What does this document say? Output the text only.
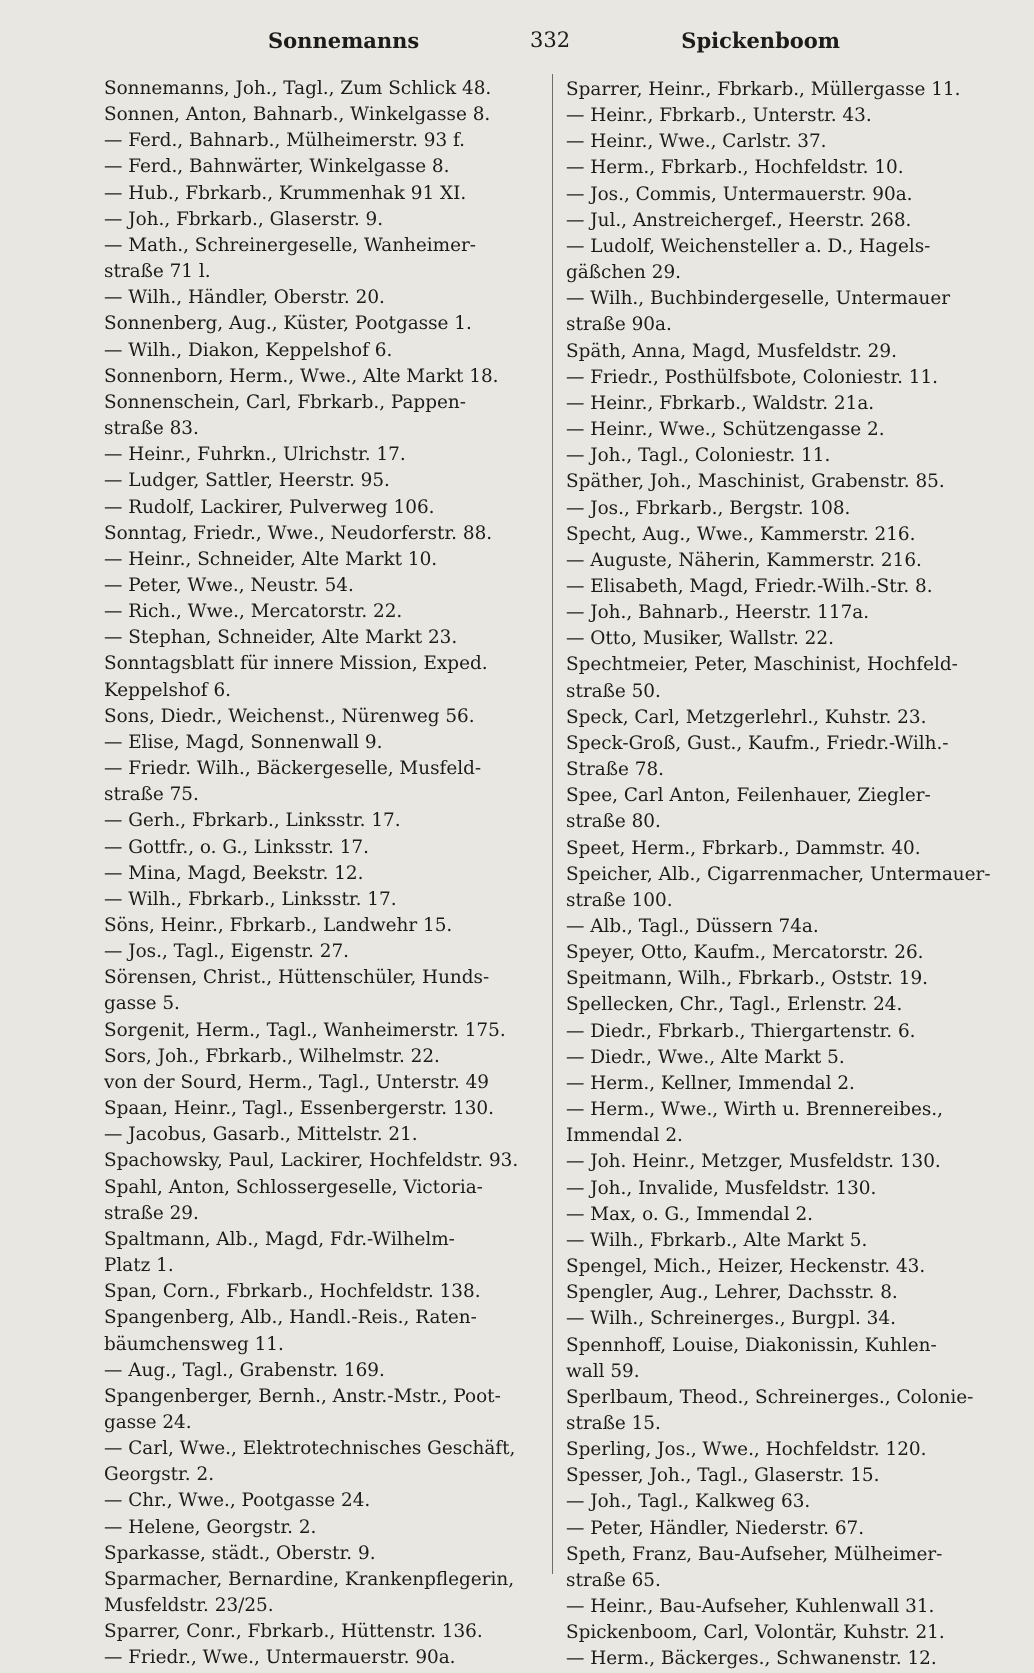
Sonnemanns	332	Spickenboom
Sonnemanns, Joh., Tagl., Zum Schlick 48.
Sonnen, Anton, Bahnarb., Winkelgasse 8.
— Ferd., Bahnarb., Mülheimerstr. 93 f.
— Ferd., Bahnwärter, Winkelgasse 8.
— Hub., Fbrkarb., Krummenhak 91 XI.
— Joh., Fbrkarb., Glaserstr. 9.
— Math., Schreinergeselle, Wanheimer-
straße 71 l.
— Wilh., Händler, Oberstr. 20.
Sonnenberg, Aug., Küster, Pootgasse 1.
— Wilh., Diakon, Keppelshof 6.
Sonnenborn, Herm., Wwe., Alte Markt 18.
Sonnenschein, Carl, Fbrkarb., Pappen-
straße 83.
— Heinr., Fuhrkn., Ulrichstr. 17.
— Ludger, Sattler, Heerstr. 95.
— Rudolf, Lackirer, Pulverweg 106.
Sonntag, Friedr., Wwe., Neudorferstr. 88.
— Heinr., Schneider, Alte Markt 10.
— Peter, Wwe., Neustr. 54.
— Rich., Wwe., Mercatorstr. 22.
— Stephan, Schneider, Alte Markt 23.
Sonntagsblatt für innere Mission, Exped.
Keppelshof 6.
Sons, Diedr., Weichenst., Nürenweg 56.
— Elise, Magd, Sonnenwall 9.
— Friedr. Wilh., Bäckergeselle, Musfeld-
straße 75.
— Gerh., Fbrkarb., Linksstr. 17.
— Gottfr., o. G., Linksstr. 17.
— Mina, Magd, Beekstr. 12.
— Wilh., Fbrkarb., Linksstr. 17.
Söns, Heinr., Fbrkarb., Landwehr 15.
— Jos., Tagl., Eigenstr. 27.
Sörensen, Christ., Hüttenschüler, Hunds-
gasse 5.
Sorgenit, Herm., Tagl., Wanheimerstr. 175.
Sors, Joh., Fbrkarb., Wilhelmstr. 22.
von der Sourd, Herm., Tagl., Unterstr. 49
Spaan, Heinr., Tagl., Essenbergerstr. 130.
— Jacobus, Gasarb., Mittelstr. 21.
Spachowsky, Paul, Lackirer, Hochfeldstr. 93.
Spahl, Anton, Schlossergeselle, Victoria-
straße 29.
Spaltmann, Alb., Magd, Fdr.-Wilhelm-
Platz 1.
Span, Corn., Fbrkarb., Hochfeldstr. 138.
Spangenberg, Alb., Handl.-Reis., Raten-
bäumchensweg 11.
— Aug., Tagl., Grabenstr. 169.
Spangenberger, Bernh., Anstr.-Mstr., Poot-
gasse 24.
— Carl, Wwe., Elektrotechnisches Geschäft,
Georgstr. 2.
— Chr., Wwe., Pootgasse 24.
— Helene, Georgstr. 2.
Sparkasse, städt., Oberstr. 9.
Sparmacher, Bernardine, Krankenpflegerin,
Musfeldstr. 23/25.
Sparrer, Conr., Fbrkarb., Hüttenstr. 136.
— Friedr., Wwe., Untermauerstr. 90a.
Sparrer, Heinr., Fbrkarb., Müllergasse 11.
— Heinr., Fbrkarb., Unterstr. 43.
— Heinr., Wwe., Carlstr. 37.
— Herm., Fbrkarb., Hochfeldstr. 10.
— Jos., Commis, Untermauerstr. 90a.
— Jul., Anstreichergef., Heerstr. 268.
— Ludolf, Weichensteller a. D., Hagels-
gäßchen 29.
— Wilh., Buchbindergeselle, Untermauer
straße 90a.
Späth, Anna, Magd, Musfeldstr. 29.
— Friedr., Posthülfsbote, Coloniestr. 11.
— Heinr., Fbrkarb., Waldstr. 21a.
— Heinr., Wwe., Schützengasse 2.
— Joh., Tagl., Coloniestr. 11.
Späther, Joh., Maschinist, Grabenstr. 85.
— Jos., Fbrkarb., Bergstr. 108.
Specht, Aug., Wwe., Kammerstr. 216.
— Auguste, Näherin, Kammerstr. 216.
— Elisabeth, Magd, Friedr.-Wilh.-Str. 8.
— Joh., Bahnarb., Heerstr. 117a.
— Otto, Musiker, Wallstr. 22.
Spechtmeier, Peter, Maschinist, Hochfeld-
straße 50.
Speck, Carl, Metzgerlehrl., Kuhstr. 23.
Speck-Groß, Gust., Kaufm., Friedr.-Wilh.-
Straße 78.
Spee, Carl Anton, Feilenhauer, Ziegler-
straße 80.
Speet, Herm., Fbrkarb., Dammstr. 40.
Speicher, Alb., Cigarrenmacher, Untermauer-
straße 100.
— Alb., Tagl., Düssern 74a.
Speyer, Otto, Kaufm., Mercatorstr. 26.
Speitmann, Wilh., Fbrkarb., Oststr. 19.
Spellecken, Chr., Tagl., Erlenstr. 24.
— Diedr., Fbrkarb., Thiergartenstr. 6.
— Diedr., Wwe., Alte Markt 5.
— Herm., Kellner, Immendal 2.
— Herm., Wwe., Wirth u. Brennereibes.,
Immendal 2.
— Joh. Heinr., Metzger, Musfeldstr. 130.
— Joh., Invalide, Musfeldstr. 130.
— Max, o. G., Immendal 2.
— Wilh., Fbrkarb., Alte Markt 5.
Spengel, Mich., Heizer, Heckenstr. 43.
Spengler, Aug., Lehrer, Dachsstr. 8.
— Wilh., Schreinerges., Burgpl. 34.
Spennhoff, Louise, Diakonissin, Kuhlen-
wall 59.
Sperlbaum, Theod., Schreinerges., Colonie-
straße 15.
Sperling, Jos., Wwe., Hochfeldstr. 120.
Spesser, Joh., Tagl., Glaserstr. 15.
— Joh., Tagl., Kalkweg 63.
— Peter, Händler, Niederstr. 67.
Speth, Franz, Bau-Aufseher, Mülheimer-
straße 65.
— Heinr., Bau-Aufseher, Kuhlenwall 31.
Spickenboom, Carl, Volontär, Kuhstr. 21.
— Herm., Bäckerges., Schwanenstr. 12.
